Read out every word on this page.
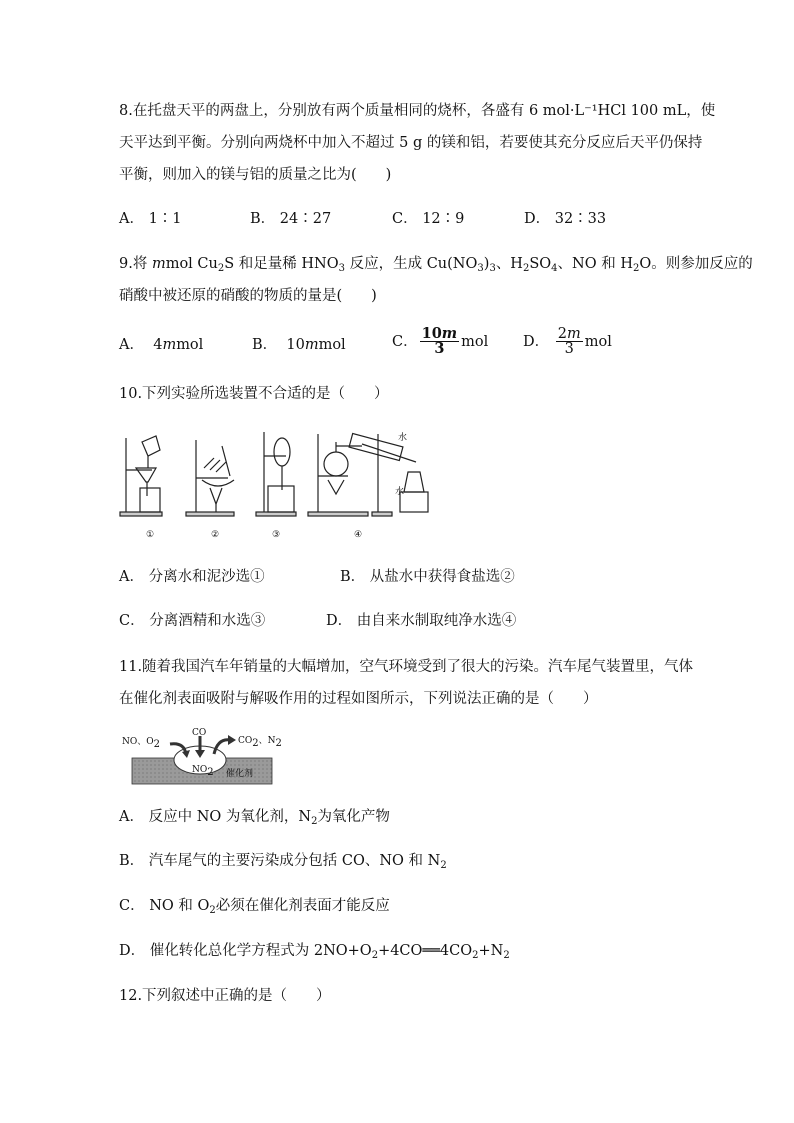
8.在托盘天平的两盘上，分别放有两个质量相同的烧杯，各盛有 6 mol·L⁻¹HCl 100 mL，使
天平达到平衡。分别向两烧杯中加入不超过 5 g 的镁和铝，若要使其充分反应后天平仍保持
平衡，则加入的镁与铝的质量之比为(　　)
A． 1∶1	B． 24∶27	C． 12∶9	D． 32∶33
9.将 mmol $Cu_2S$ 和足量稀 $HNO_3$ 反应，生成 $Cu(NO_3)_3$、$H_2SO_4$、NO 和 $H_2O$。则参加反应的
硝酸中被还原的硝酸的物质的量是(　　)
A． 4mmol	B． 10mmol	C． $\frac{10m}{3}$ mol D．
$\frac{2m}{3}$ mol
10.下列实验所选装置不合适的是（　　）
水
水
①	②	③	④
A． 分离水和泥沙选①	B． 从盐水中获得食盐选②
C． 分离酒精和水选③	D． 由自来水制取纯净水选④
11.随着我国汽车年销量的大幅增加，空气环境受到了很大的污染。汽车尾气装置里，气体
在催化剂表面吸附与解吸作用的过程如图所示，下列说法正确的是（　　）
NO、$O_2$
CO
$CO_2$、$N_2$
$NO_2$ 催化剂
A． 反应中 NO 为氧化剂，$N_2$为氧化产物
B． 汽车尾气的主要污染成分包括 CO、NO 和 $N_2$
C． NO 和 $O_2$必须在催化剂表面才能反应
D． 催化转化总化学方程式为 $2NO+O_2+4CO══4CO_2+N_2$
12.下列叙述中正确的是（　　）
